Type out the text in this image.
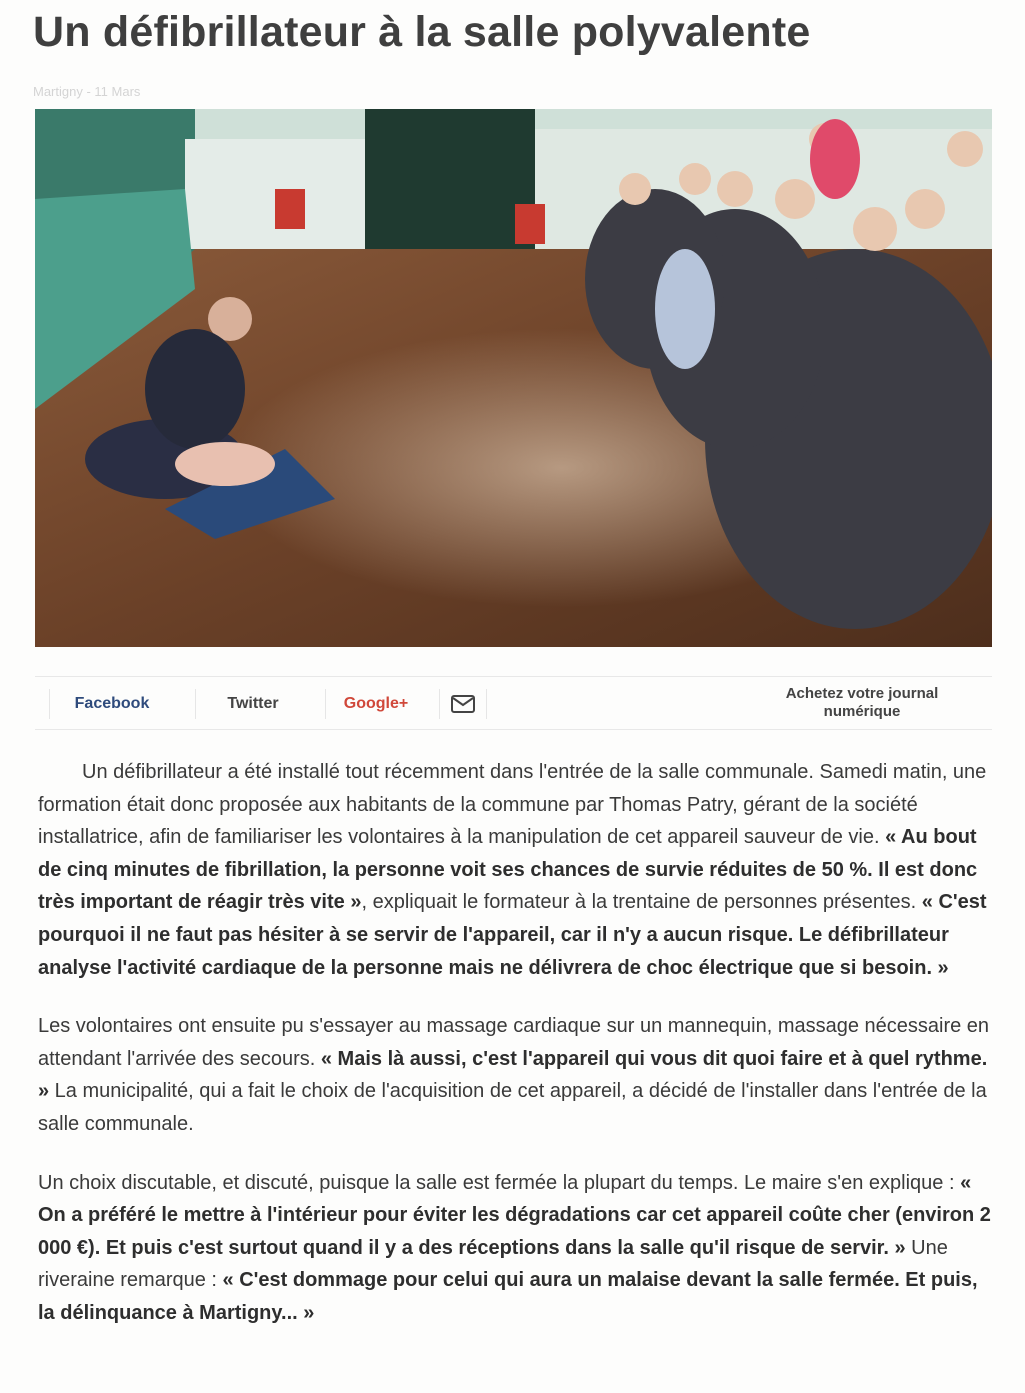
Un défibrillateur à la salle polyvalente
Martigny - 11 Mars
Facebook	Twitter	Google+
Achetez votre journal
numérique

Un défibrillateur a été installé tout récemment dans l'entrée de la salle communale. Samedi matin, une formation était donc proposée aux habitants de la commune par Thomas Patry, gérant de la société installatrice, afin de familiariser les volontaires à la manipulation de cet appareil sauveur de vie. « Au bout de cinq minutes de fibrillation, la personne voit ses chances de survie réduites de 50 %. Il est donc très important de réagir très vite », expliquait le formateur à la trentaine de personnes présentes. « C'est pourquoi il ne faut pas hésiter à se servir de l'appareil, car il n'y a aucun risque. Le défibrillateur analyse l'activité cardiaque de la personne mais ne délivrera de choc électrique que si besoin. »

Les volontaires ont ensuite pu s'essayer au massage cardiaque sur un mannequin, massage nécessaire en attendant l'arrivée des secours. « Mais là aussi, c'est l'appareil qui vous dit quoi faire et à quel rythme. » La municipalité, qui a fait le choix de l'acquisition de cet appareil, a décidé de l'installer dans l'entrée de la salle communale.

Un choix discutable, et discuté, puisque la salle est fermée la plupart du temps. Le maire s'en explique : « On a préféré le mettre à l'intérieur pour éviter les dégradations car cet appareil coûte cher (environ 2 000 €). Et puis c'est surtout quand il y a des réceptions dans la salle qu'il risque de servir. » Une riveraine remarque : « C'est dommage pour celui qui aura un malaise devant la salle fermée. Et puis, la délinquance à Martigny... »
